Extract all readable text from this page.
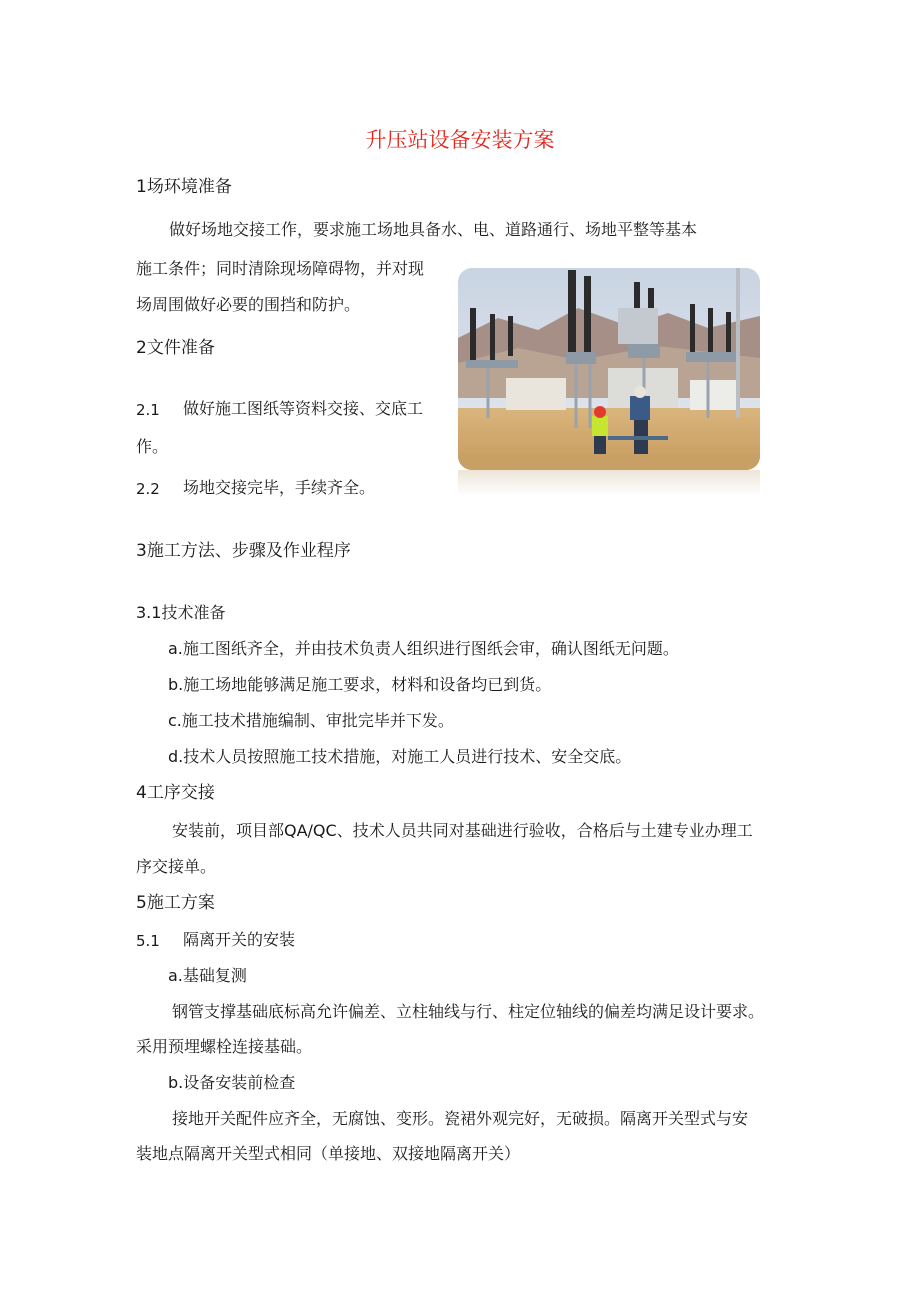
升压站设备安装方案
1场环境准备
做好场地交接工作，要求施工场地具备水、电、道路通行、场地平整等基本
施工条件；同时清除现场障碍物，并对现
场周围做好必要的围挡和防护。
2文件准备
2.1 做好施工图纸等资料交接、交底工
作。
2.2 场地交接完毕，手续齐全。
3施工方法、步骤及作业程序
3.1技术准备
a.施工图纸齐全，并由技术负责人组织进行图纸会审，确认图纸无问题。
b.施工场地能够满足施工要求，材料和设备均已到货。
c.施工技术措施编制、审批完毕并下发。
d.技术人员按照施工技术措施，对施工人员进行技术、安全交底。
4工序交接
安装前，项目部QA/QC、技术人员共同对基础进行验收，合格后与土建专业办理工
序交接单。
5施工方案
5.1 隔离开关的安装
a.基础复测
钢管支撑基础底标高允许偏差、立柱轴线与行、柱定位轴线的偏差均满足设计要求。
采用预埋螺栓连接基础。
b.设备安装前检查
接地开关配件应齐全，无腐蚀、变形。瓷裙外观完好，无破损。隔离开关型式与安
装地点隔离开关型式相同（单接地、双接地隔离开关）
